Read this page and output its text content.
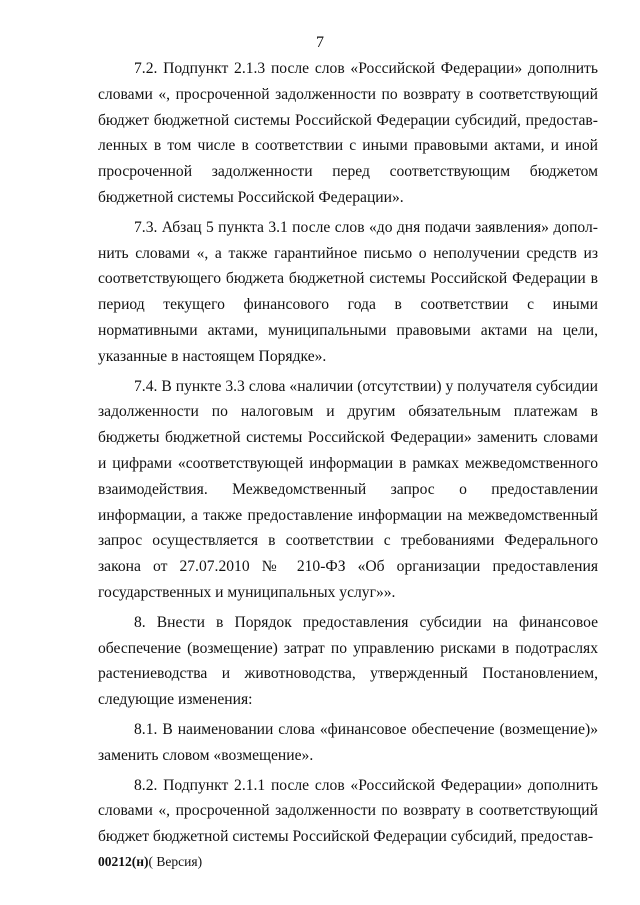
7

7.2. Подпункт 2.1.3 после слов «Российской Федерации» дополнить словами «, просроченной задолженности по возврату в соответствующий бюджет бюджетной системы Российской Федерации субсидий, предоставленных в том числе в соответствии с иными правовыми актами, и иной просроченной задолженности перед соответствующим бюджетом бюджетной системы Российской Федерации».

7.3. Абзац 5 пункта 3.1 после слов «до дня подачи заявления» дополнить словами «, а также гарантийное письмо о неполучении средств из соответствующего бюджета бюджетной системы Российской Федерации в период текущего финансового года в соответствии с иными нормативными актами, муниципальными правовыми актами на цели, указанные в настоящем Порядке».

7.4. В пункте 3.3 слова «наличии (отсутствии) у получателя субсидии задолженности по налоговым и другим обязательным платежам в бюджеты бюджетной системы Российской Федерации» заменить словами и цифрами «соответствующей информации в рамках межведомственного взаимодействия. Межведомственный запрос о предоставлении информации, а также предоставление информации на межведомственный запрос осуществляется в соответствии с требованиями Федерального закона от 27.07.2010 № 210-ФЗ «Об организации предоставления государственных и муниципальных услуг»».

8. Внести в Порядок предоставления субсидии на финансовое обеспечение (возмещение) затрат по управлению рисками в подотраслях растениеводства и животноводства, утвержденный Постановлением, следующие изменения:

8.1. В наименовании слова «финансовое обеспечение (возмещение)» заменить словом «возмещение».

8.2. Подпункт 2.1.1 после слов «Российской Федерации» дополнить словами «, просроченной задолженности по возврату в соответствующий бюджет бюджетной системы Российской Федерации субсидий, предостав-

00212(н)( Версия)
